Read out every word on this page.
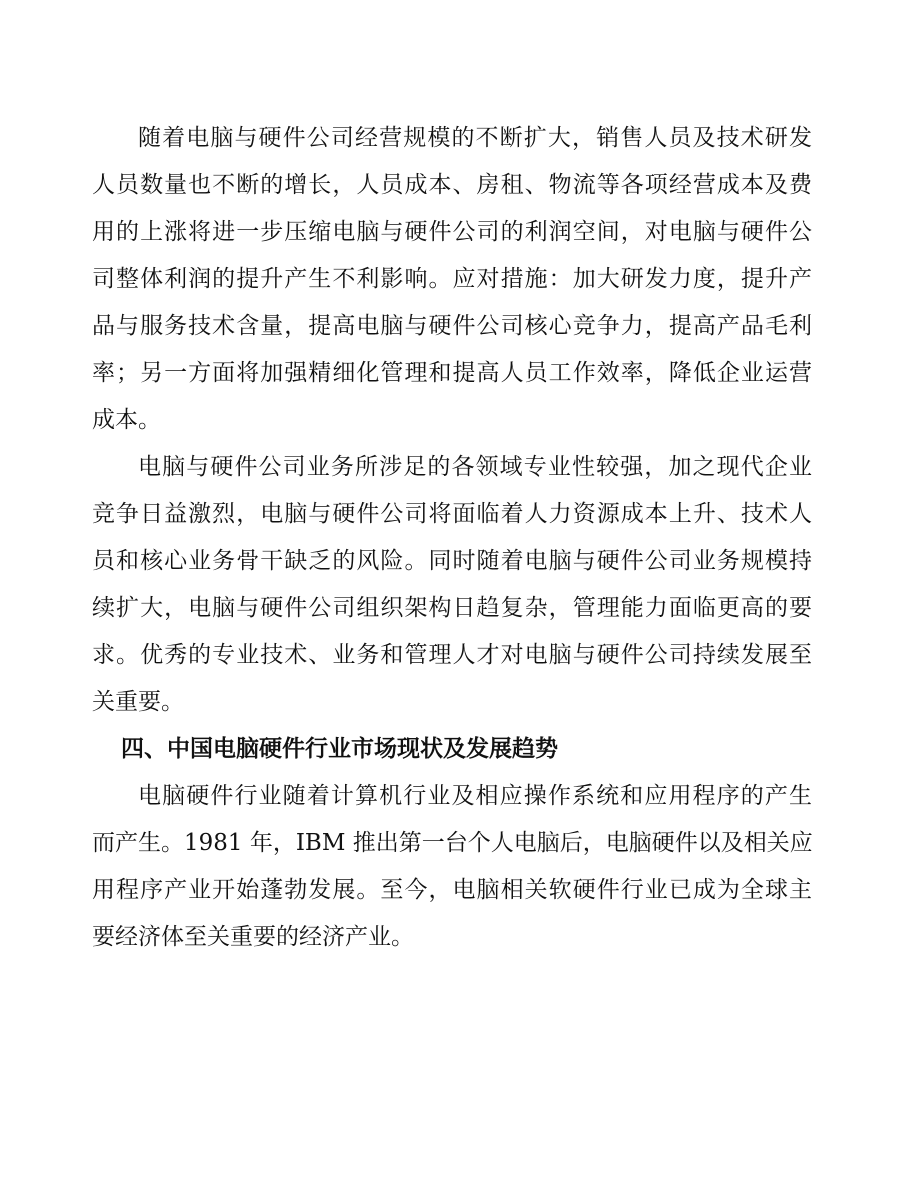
随着电脑与硬件公司经营规模的不断扩大，销售人员及技术研发
人员数量也不断的增长，人员成本、房租、物流等各项经营成本及费
用的上涨将进一步压缩电脑与硬件公司的利润空间，对电脑与硬件公
司整体利润的提升产生不利影响。应对措施：加大研发力度，提升产
品与服务技术含量，提高电脑与硬件公司核心竞争力，提高产品毛利
率；另一方面将加强精细化管理和提高人员工作效率，降低企业运营
成本。
电脑与硬件公司业务所涉足的各领域专业性较强，加之现代企业
竞争日益激烈，电脑与硬件公司将面临着人力资源成本上升、技术人
员和核心业务骨干缺乏的风险。同时随着电脑与硬件公司业务规模持
续扩大，电脑与硬件公司组织架构日趋复杂，管理能力面临更高的要
求。优秀的专业技术、业务和管理人才对电脑与硬件公司持续发展至
关重要。
四、中国电脑硬件行业市场现状及发展趋势
电脑硬件行业随着计算机行业及相应操作系统和应用程序的产生
而产生。1981 年，IBM 推出第一台个人电脑后，电脑硬件以及相关应
用程序产业开始蓬勃发展。至今，电脑相关软硬件行业已成为全球主
要经济体至关重要的经济产业。
